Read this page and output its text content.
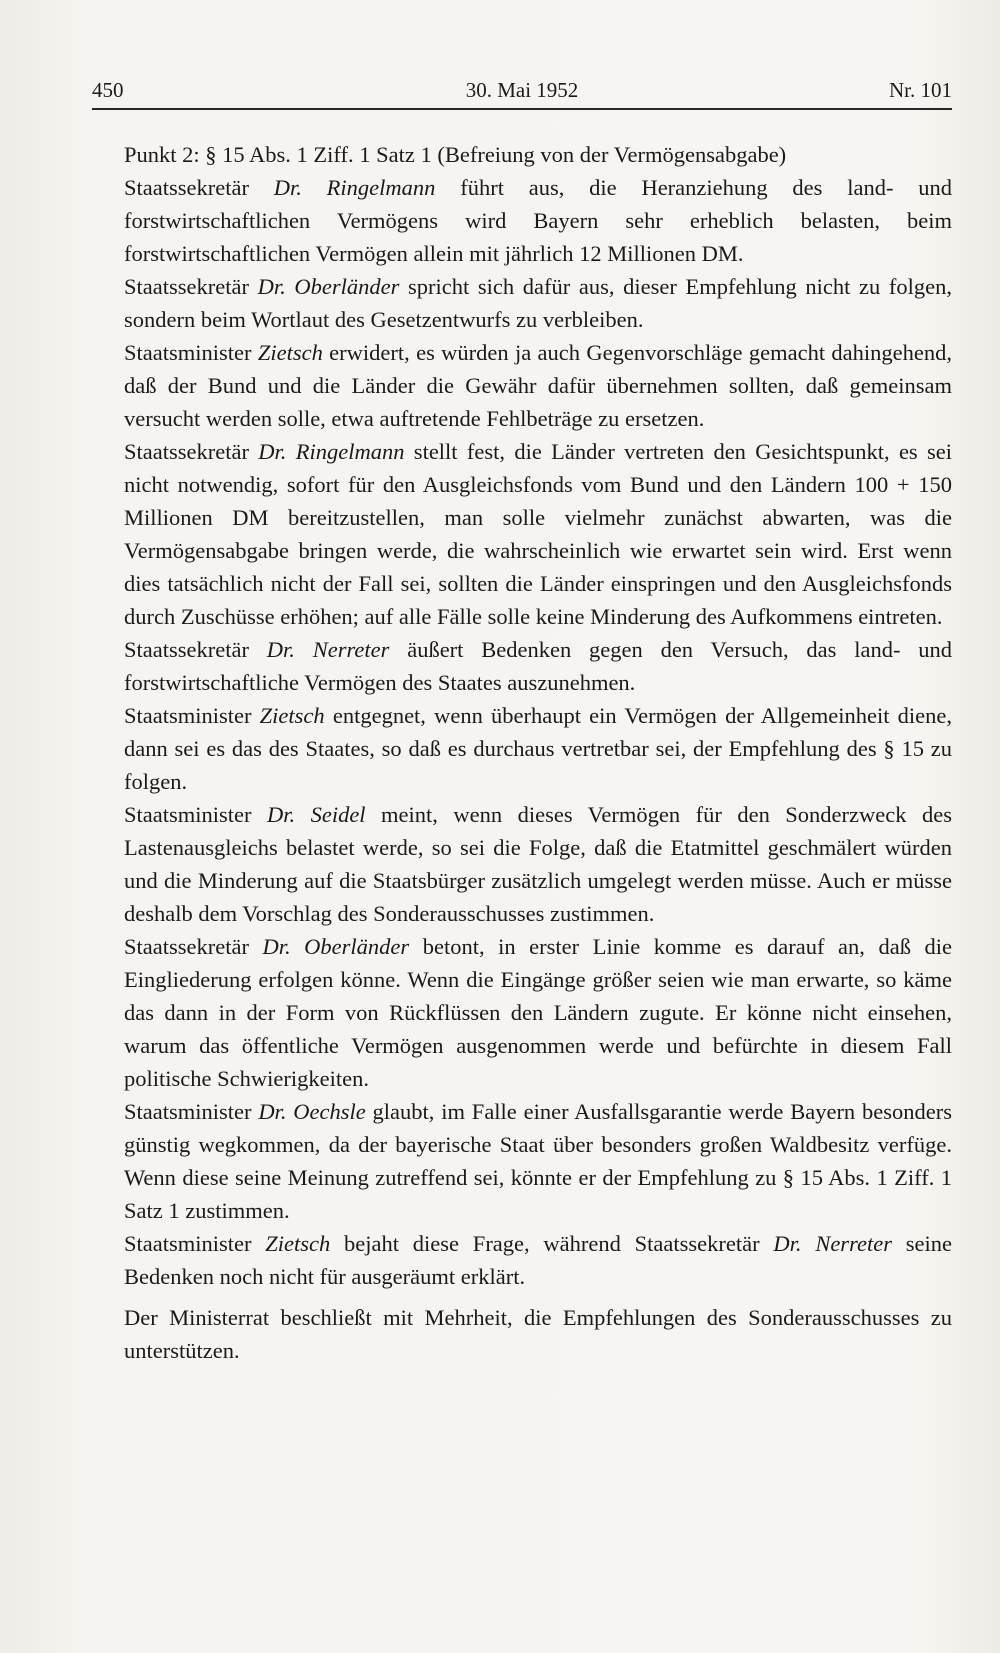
450	30. Mai 1952	Nr. 101

Punkt 2: § 15 Abs. 1 Ziff. 1 Satz 1 (Befreiung von der Vermögensabgabe)

Staatssekretär Dr. Ringelmann führt aus, die Heranziehung des land- und forstwirtschaftlichen Vermögens wird Bayern sehr erheblich belasten, beim forstwirtschaftlichen Vermögen allein mit jährlich 12 Millionen DM.

Staatssekretär Dr. Oberländer spricht sich dafür aus, dieser Empfehlung nicht zu folgen, sondern beim Wortlaut des Gesetzentwurfs zu verbleiben.

Staatsminister Zietsch erwidert, es würden ja auch Gegenvorschläge gemacht dahingehend, daß der Bund und die Länder die Gewähr dafür übernehmen sollten, daß gemeinsam versucht werden solle, etwa auftretende Fehlbeträge zu ersetzen.

Staatssekretär Dr. Ringelmann stellt fest, die Länder vertreten den Gesichtspunkt, es sei nicht notwendig, sofort für den Ausgleichsfonds vom Bund und den Ländern 100 + 150 Millionen DM bereitzustellen, man solle vielmehr zunächst abwarten, was die Vermögensabgabe bringen werde, die wahrscheinlich wie erwartet sein wird. Erst wenn dies tatsächlich nicht der Fall sei, sollten die Länder einspringen und den Ausgleichsfonds durch Zuschüsse erhöhen; auf alle Fälle solle keine Minderung des Aufkommens eintreten.

Staatssekretär Dr. Nerreter äußert Bedenken gegen den Versuch, das land- und forstwirtschaftliche Vermögen des Staates auszunehmen.

Staatsminister Zietsch entgegnet, wenn überhaupt ein Vermögen der Allgemeinheit diene, dann sei es das des Staates, so daß es durchaus vertretbar sei, der Empfehlung des § 15 zu folgen.

Staatsminister Dr. Seidel meint, wenn dieses Vermögen für den Sonderzweck des Lastenausgleichs belastet werde, so sei die Folge, daß die Etatmittel geschmälert würden und die Minderung auf die Staatsbürger zusätzlich umgelegt werden müsse. Auch er müsse deshalb dem Vorschlag des Sonderausschusses zustimmen.

Staatssekretär Dr. Oberländer betont, in erster Linie komme es darauf an, daß die Eingliederung erfolgen könne. Wenn die Eingänge größer seien wie man erwarte, so käme das dann in der Form von Rückflüssen den Ländern zugute. Er könne nicht einsehen, warum das öffentliche Vermögen ausgenommen werde und befürchte in diesem Fall politische Schwierigkeiten.

Staatsminister Dr. Oechsle glaubt, im Falle einer Ausfallsgarantie werde Bayern besonders günstig wegkommen, da der bayerische Staat über besonders großen Waldbesitz verfüge. Wenn diese seine Meinung zutreffend sei, könnte er der Empfehlung zu § 15 Abs. 1 Ziff. 1 Satz 1 zustimmen.

Staatsminister Zietsch bejaht diese Frage, während Staatssekretär Dr. Nerreter seine Bedenken noch nicht für ausgeräumt erklärt.

Der Ministerrat beschließt mit Mehrheit, die Empfehlungen des Sonderausschusses zu unterstützen.
